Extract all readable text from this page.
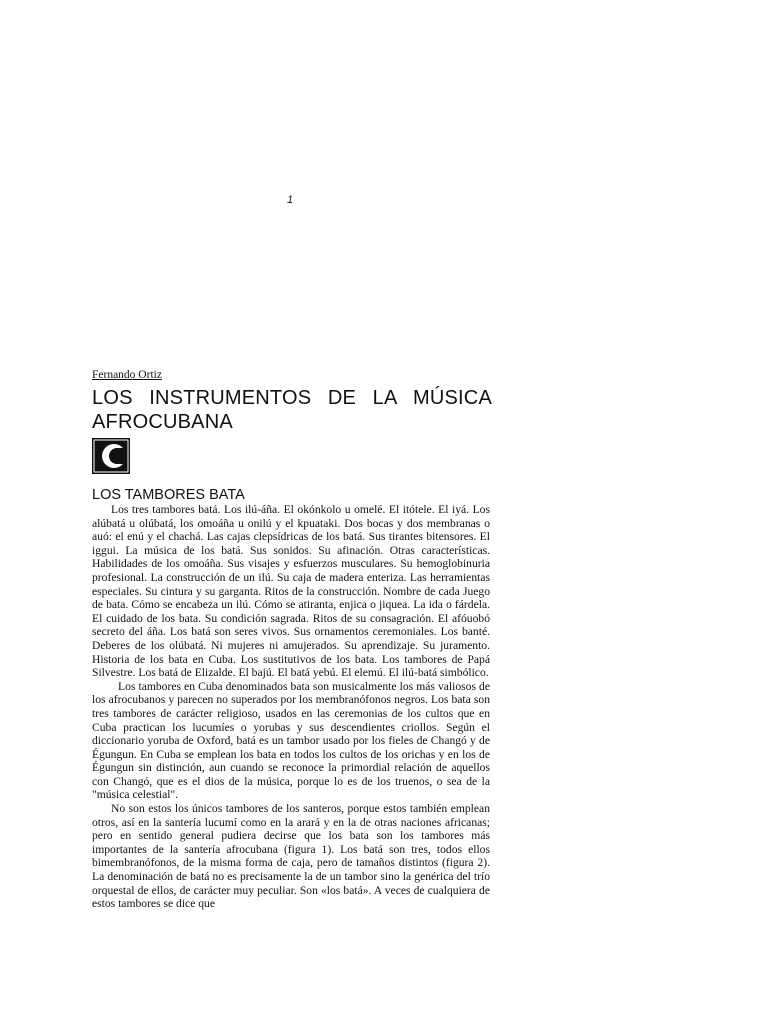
1
Fernando Ortiz
LOS INSTRUMENTOS DE LA MÚSICA AFROCUBANA
LOS TAMBORES BATA

Los tres tambores batá. Los ilú-áña. El okónkolo u omelé. El itótele. El iyá. Los alúbatá u olúbatá, los omoáña u onilú y el kpuataki. Dos bocas y dos membranas o auó: el enú y el chachá. Las cajas clepsídricas de los batá. Sus tirantes bitensores. El iggui. La música de los batá. Sus sonidos. Su afinación. Otras características. Habilidades de los omoáña. Sus visajes y esfuerzos musculares. Su hemoglobinuria profesional. La construcción de un ilú. Su caja de madera enteriza. Las herramientas especiales. Su cintura y su garganta. Ritos de la construcción. Nombre de cada Juego de bata. Cómo se encabeza un ilú. Cómo se atiranta, enjica o jiquea. La ida o fárdela. El cuidado de los bata. Su condición sagrada. Ritos de su consagración. El afóuobó secreto del áña. Los batá son seres vivos. Sus ornamentos ceremoniales. Los banté. Deberes de los olúbatá. Ni mujeres ni amujerados. Su aprendizaje. Su juramento. Historia de los bata en Cuba. Los sustitutivos de los bata. Los tambores de Papá Silvestre. Los batá de Elizalde. El bajú. El batá yebú. El elemú. El ilú-batá simbólico.

Los tambores en Cuba denominados bata son musicalmente los más valiosos de los afrocubanos y parecen no superados por los membranófonos negros. Los bata son tres tambores de carácter religioso, usados en las ceremonias de los cultos que en Cuba practican los lucumíes o yorubas y sus descendientes criollos. Según el diccionario yoruba de Oxford, batá es un tambor usado por los fieles de Changó y de Égungun. En Cuba se emplean los bata en todos los cultos de los orichas y en los de Égungun sin distinción, aun cuando se reconoce la primordial relación de aquellos con Changó, que es el dios de la música, porque lo es de los truenos, o sea de la "música celestial".

No son estos los únicos tambores de los santeros, porque estos también emplean otros, así en la santería lucumí como en la arará y en la de otras naciones africanas; pero en sentido general pudiera decirse que los bata son los tambores más importantes de la santería afrocubana (figura 1). Los batá son tres, todos ellos bimembranófonos, de la misma forma de caja, pero de tamaños distintos (figura 2). La denominación de batá no es precisamente la de un tambor sino la genérica del trío orquestal de ellos, de carácter muy peculiar. Son «los batá». A veces de cualquiera de estos tambores se dice que
